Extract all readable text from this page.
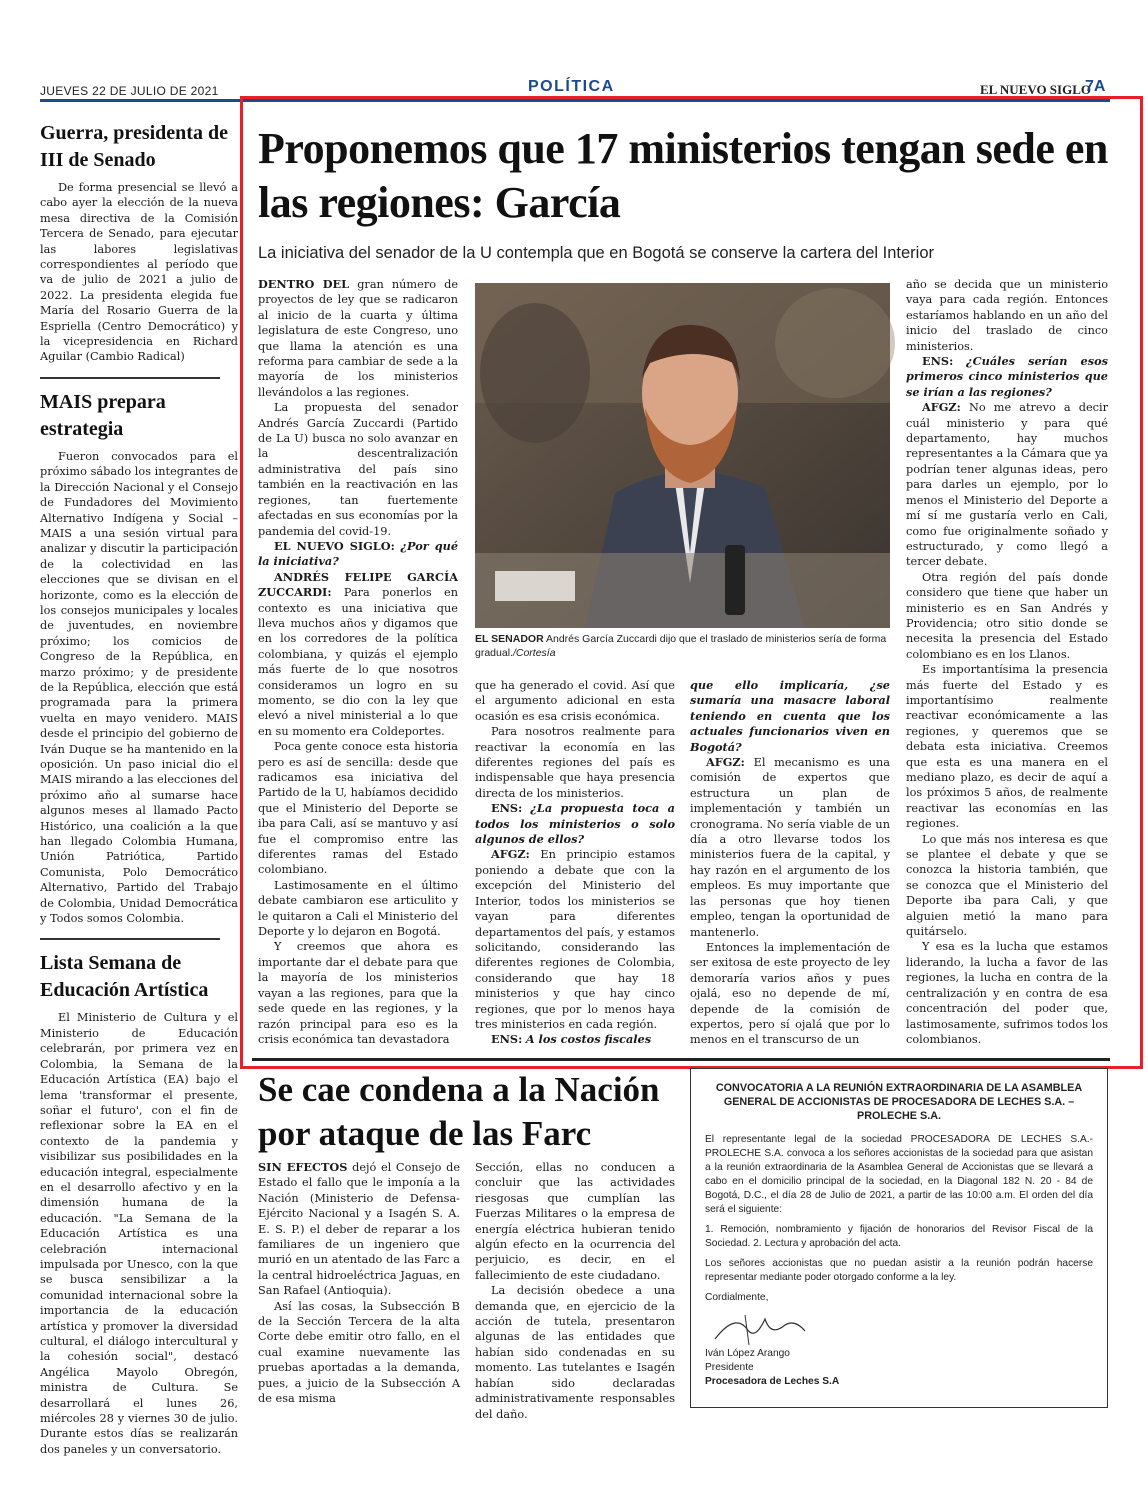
JUEVES 22 DE JULIO DE 2021	POLÍTICA	EL NUEVO SIGLO
7A
Guerra, presidenta de III de Senado
De forma presencial se llevó a cabo ayer la elección de la nueva mesa directiva de la Comisión Tercera de Senado, para ejecutar las labores legislativas correspondientes al período que va de julio de 2021 a julio de 2022. La presidenta elegida fue María del Rosario Guerra de la Espriella (Centro Democrático) y la vicepresidencia en Richard Aguilar (Cambio Radical)
MAIS prepara estrategia
Fueron convocados para el próximo sábado los integrantes de la Dirección Nacional y el Consejo de Fundadores del Movimiento Alternativo Indígena y Social – MAIS a una sesión virtual para analizar y discutir la participación de la colectividad en las elecciones que se divisan en el horizonte, como es la elección de los consejos municipales y locales de juventudes, en noviembre próximo; los comicios de Congreso de la República, en marzo próximo; y de presidente de la República, elección que está programada para la primera vuelta en mayo venidero. MAIS desde el principio del gobierno de Iván Duque se ha mantenido en la oposición. Un paso inicial dio el MAIS mirando a las elecciones del próximo año al sumarse hace algunos meses al llamado Pacto Histórico, una coalición a la que han llegado Colombia Humana, Unión Patriótica, Partido Comunista, Polo Democrático Alternativo, Partido del Trabajo de Colombia, Unidad Democrática y Todos somos Colombia.
Lista Semana de Educación Artística
El Ministerio de Cultura y el Ministerio de Educación celebrarán, por primera vez en Colombia, la Semana de la Educación Artística (EA) bajo el lema 'transformar el presente, soñar el futuro', con el fin de reflexionar sobre la EA en el contexto de la pandemia y visibilizar sus posibilidades en la educación integral, especialmente en el desarrollo afectivo y en la dimensión humana de la educación. "La Semana de la Educación Artística es una celebración internacional impulsada por Unesco, con la que se busca sensibilizar a la comunidad internacional sobre la importancia de la educación artística y promover la diversidad cultural, el diálogo intercultural y la cohesión social", destacó Angélica Mayolo Obregón, ministra de Cultura. Se desarrollará el lunes 26, miércoles 28 y viernes 30 de julio. Durante estos días se realizarán dos paneles y un conversatorio.
Proponemos que 17 ministerios tengan sede en las regiones: García
La iniciativa del senador de la U contempla que en Bogotá se conserve la cartera del Interior

DENTRO DEL gran número de proyectos de ley que se radicaron al inicio de la cuarta y última legislatura de este Congreso, uno que llama la atención es una reforma para cambiar de sede a la mayoría de los ministerios llevándolos a las regiones.

La propuesta del senador Andrés García Zuccardi (Partido de La U) busca no solo avanzar en la descentralización administrativa del país sino también en la reactivación en las regiones, tan fuertemente afectadas en sus economías por la pandemia del covid-19.

EL NUEVO SIGLO: ¿Por qué la iniciativa?

ANDRÉS FELIPE GARCÍA ZUCCARDI: Para ponerlos en contexto es una iniciativa que lleva muchos años y digamos que en los corredores de la política colombiana, y quizás el ejemplo más fuerte de lo que nosotros consideramos un logro en su momento, se dio con la ley que elevó a nivel ministerial a lo que en su momento era Coldeportes.

Poca gente conoce esta historia pero es así de sencilla: desde que radicamos esa iniciativa del Partido de la U, habíamos decidido que el Ministerio del Deporte se iba para Cali, así se mantuvo y así fue el compromiso entre las diferentes ramas del Estado colombiano.

Lastimosamente en el último debate cambiaron ese articulito y le quitaron a Cali el Ministerio del Deporte y lo dejaron en Bogotá.

Y creemos que ahora es importante dar el debate para que la mayoría de los ministerios vayan a las regiones, para que la sede quede en las regiones, y la razón principal para eso es la crisis económica tan devastadora

EL SENADOR Andrés García Zuccardi dijo que el traslado de ministerios sería de forma gradual./Cortesía

que ha generado el covid. Así que el argumento adicional en esta ocasión es esa crisis económica.

Para nosotros realmente para reactivar la economía en las diferentes regiones del país es indispensable que haya presencia directa de los ministerios.

ENS: ¿La propuesta toca a todos los ministerios o solo algunos de ellos?

AFGZ: En principio estamos poniendo a debate que con la excepción del Ministerio del Interior, todos los ministerios se vayan para diferentes departamentos del país, y estamos solicitando, considerando las diferentes regiones de Colombia, considerando que hay 18 ministerios y que hay cinco regiones, que por lo menos haya tres ministerios en cada región.

ENS: A los costos fiscales

que ello implicaría, ¿se sumaría una masacre laboral teniendo en cuenta que los actuales funcionarios viven en Bogotá?

AFGZ: El mecanismo es una comisión de expertos que estructura un plan de implementación y también un cronograma. No sería viable de un día a otro llevarse todos los ministerios fuera de la capital, y hay razón en el argumento de los empleos. Es muy importante que las personas que hoy tienen empleo, tengan la oportunidad de mantenerlo.

Entonces la implementación de ser exitosa de este proyecto de ley demoraría varios años y pues ojalá, eso no depende de mí, depende de la comisión de expertos, pero sí ojalá que por lo menos en el transcurso de un

año se decida que un ministerio vaya para cada región. Entonces estaríamos hablando en un año del inicio del traslado de cinco ministerios.

ENS: ¿Cuáles serían esos primeros cinco ministerios que se irían a las regiones?

AFGZ: No me atrevo a decir cuál ministerio y para qué departamento, hay muchos representantes a la Cámara que ya podrían tener algunas ideas, pero para darles un ejemplo, por lo menos el Ministerio del Deporte a mí sí me gustaría verlo en Cali, como fue originalmente soñado y estructurado, y como llegó a tercer debate.

Otra región del país donde considero que tiene que haber un ministerio es en San Andrés y Providencia; otro sitio donde se necesita la presencia del Estado colombiano es en los Llanos.

Es importantísima la presencia más fuerte del Estado y es importantísimo realmente reactivar económicamente a las regiones, y queremos que se debata esta iniciativa. Creemos que esta es una manera en el mediano plazo, es decir de aquí a los próximos 5 años, de realmente reactivar las economías en las regiones.

Lo que más nos interesa es que se plantee el debate y que se conozca la historia también, que se conozca que el Ministerio del Deporte iba para Cali, y que alguien metió la mano para quitárselo.

Y esa es la lucha que estamos liderando, la lucha a favor de las regiones, la lucha en contra de la centralización y en contra de esa concentración del poder que, lastimosamente, sufrimos todos los colombianos.

Se cae condena a la Nación por ataque de las Farc

SIN EFECTOS dejó el Consejo de Estado el fallo que le imponía a la Nación (Ministerio de Defensa-Ejército Nacional y a Isagén S. A. E. S. P.) el deber de reparar a los familiares de un ingeniero que murió en un atentado de las Farc a la central hidroeléctrica Jaguas, en San Rafael (Antioquia).

Así las cosas, la Subsección B de la Sección Tercera de la alta Corte debe emitir otro fallo, en el cual examine nuevamente las pruebas aportadas a la demanda, pues, a juicio de la Subsección A de esa misma

Sección, ellas no conducen a concluir que las actividades riesgosas que cumplían las Fuerzas Militares o la empresa de energía eléctrica hubieran tenido algún efecto en la ocurrencia del perjuicio, es decir, en el fallecimiento de este ciudadano.

La decisión obedece a una demanda que, en ejercicio de la acción de tutela, presentaron algunas de las entidades que habían sido condenadas en su momento. Las tutelantes e Isagén habían sido declaradas administrativamente responsables del daño.

CONVOCATORIA A LA REUNIÓN EXTRAORDINARIA DE LA ASAMBLEA GENERAL DE ACCIONISTAS DE PROCESADORA DE LECHES S.A. – PROLECHE S.A.
El representante legal de la sociedad PROCESADORA DE LECHES S.A.-PROLECHE S.A. convoca a los señores accionistas de la sociedad para que asistan a la reunión extraordinaria de la Asamblea General de Accionistas que se llevará a cabo en el domicilio principal de la sociedad, en la Diagonal 182 N. 20 - 84 de Bogotá, D.C., el día 28 de Julio de 2021, a partir de las 10:00 a.m. El orden del día será el siguiente:
1. Remoción, nombramiento y fijación de honorarios del Revisor Fiscal de la Sociedad. 2. Lectura y aprobación del acta.
Los señores accionistas que no puedan asistir a la reunión podrán hacerse representar mediante poder otorgado conforme a la ley.
Cordialmente,
Iván López Arango
Presidente
Procesadora de Leches S.A
